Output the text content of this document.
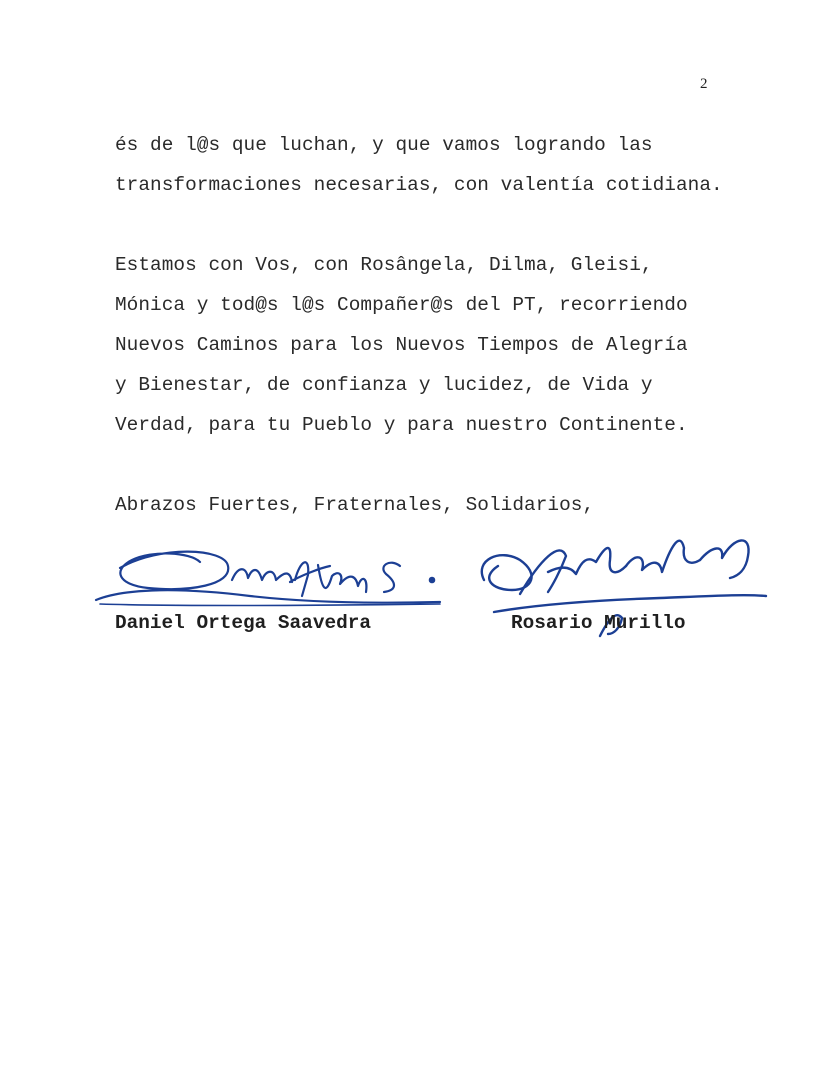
2
és de l@s que luchan, y que vamos logrando las
transformaciones necesarias, con valentía cotidiana.
Estamos con Vos, con Rosângela, Dilma, Gleisi,
Mónica y tod@s l@s Compañer@s del PT, recorriendo
Nuevos Caminos para los Nuevos Tiempos de Alegría
y Bienestar, de confianza y lucidez, de Vida y
Verdad, para tu Pueblo y para nuestro Continente.
Abrazos Fuertes, Fraternales, Solidarios,
Daniel Ortega Saavedra	Rosario Murillo
